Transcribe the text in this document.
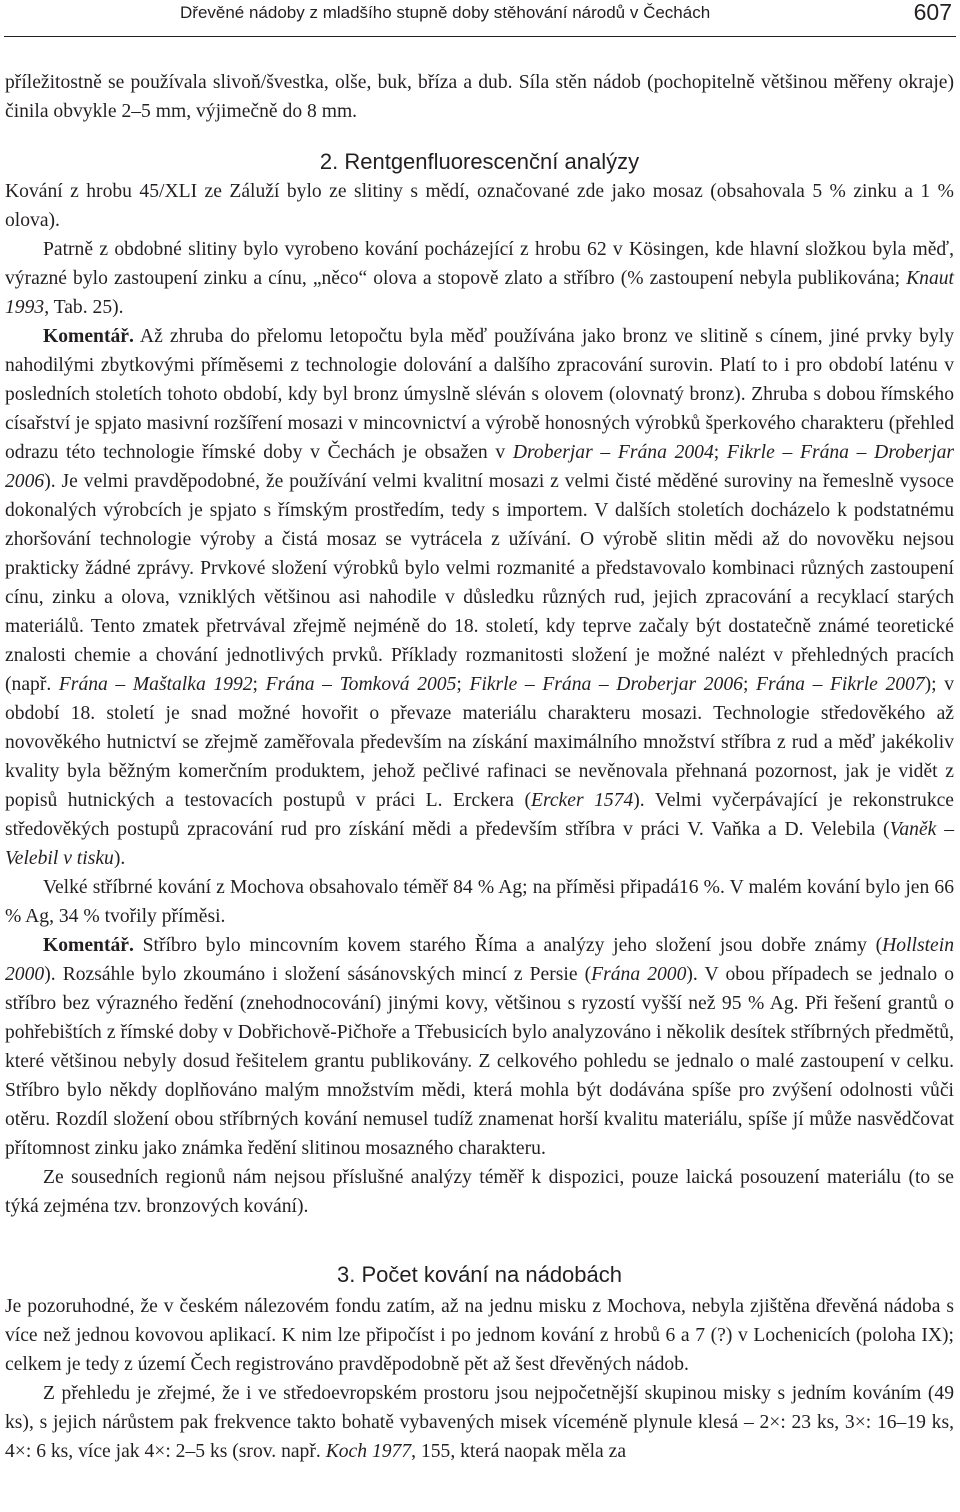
Dřevěné nádoby z mladšího stupně doby stěhování národů v Čechách	607

příležitostně se používala slivoň/švestka, olše, buk, bříza a dub. Síla stěn nádob (pochopitelně většinou měřeny okraje) činila obvykle 2–5 mm, výjimečně do 8 mm.

2. Rentgenfluorescenční analýzy

Kování z hrobu 45/XLI ze Záluží bylo ze slitiny s mědí, označované zde jako mosaz (obsahovala 5 % zinku a 1 % olova).

Patrně z obdobné slitiny bylo vyrobeno kování pocházející z hrobu 62 v Kösingen, kde hlavní složkou byla měď, výrazné bylo zastoupení zinku a cínu, „něco“ olova a stopově zlato a stříbro (% zastoupení nebyla publikována; Knaut 1993, Tab. 25).

Komentář. Až zhruba do přelomu letopočtu byla měď používána jako bronz ve slitině s cínem, jiné prvky byly nahodilými zbytkovými příměsemi z technologie dolování a dalšího zpracování surovin. Platí to i pro období laténu v posledních stoletích tohoto období, kdy byl bronz úmyslně sléván s olovem (olovnatý bronz). Zhruba s dobou římského císařství je spjato masivní rozšíření mosazi v mincovnictví a výrobě honosných výrobků šperkového charakteru (přehled odrazu této technologie římské doby v Čechách je obsažen v Droberjar – Frána 2004; Fikrle – Frána – Droberjar 2006). Je velmi pravděpodobné, že používání velmi kvalitní mosazi z velmi čisté měděné suroviny na řemeslně vysoce dokonalých výrobcích je spjato s římským prostředím, tedy s importem. V dalších stoletích docházelo k podstatnému zhoršování technologie výroby a čistá mosaz se vytrácela z užívání. O výrobě slitin mědi až do novověku nejsou prakticky žádné zprávy. Prvkové složení výrobků bylo velmi rozmanité a představovalo kombinaci různých zastoupení cínu, zinku a olova, vzniklých většinou asi nahodile v důsledku různých rud, jejich zpracování a recyklací starých materiálů. Tento zmatek přetrvával zřejmě nejméně do 18. století, kdy teprve začaly být dostatečně známé teoretické znalosti chemie a chování jednotlivých prvků. Příklady rozmanitosti složení je možné nalézt v přehledných pracích (např. Frána – Maštalka 1992; Frána – Tomková 2005; Fikrle – Frána – Droberjar 2006; Frána – Fikrle 2007); v období 18. století je snad možné hovořit o převaze materiálu charakteru mosazi. Technologie středověkého až novověkého hutnictví se zřejmě zaměřovala především na získání maximálního množství stříbra z rud a měď jakékoliv kvality byla běžným komerčním produktem, jehož pečlivé rafinaci se nevěnovala přehnaná pozornost, jak je vidět z popisů hutnických a testovacích postupů v práci L. Erckera (Ercker 1574). Velmi vyčerpávající je rekonstrukce středověkých postupů zpracování rud pro získání mědi a především stříbra v práci V. Vaňka a D. Velebila (Vaněk – Velebil v tisku).

Velké stříbrné kování z Mochova obsahovalo téměř 84 % Ag; na příměsi připadá16 %. V malém kování bylo jen 66 % Ag, 34 % tvořily příměsi.

Komentář. Stříbro bylo mincovním kovem starého Říma a analýzy jeho složení jsou dobře známy (Hollstein 2000). Rozsáhle bylo zkoumáno i složení sásánovských mincí z Persie (Frána 2000). V obou případech se jednalo o stříbro bez výrazného ředění (znehodnocování) jinými kovy, většinou s ryzostí vyšší než 95 % Ag. Při řešení grantů o pohřebištích z římské doby v Dobřichově-Pičhoře a Třebusicích bylo analyzováno i několik desítek stříbrných předmětů, které většinou nebyly dosud řešitelem grantu publikovány. Z celkového pohledu se jednalo o malé zastoupení v celku. Stříbro bylo někdy doplňováno malým množstvím mědi, která mohla být dodávána spíše pro zvýšení odolnosti vůči otěru. Rozdíl složení obou stříbrných kování nemusel tudíž znamenat horší kvalitu materiálu, spíše jí může nasvědčovat přítomnost zinku jako známka ředění slitinou mosazného charakteru.

Ze sousedních regionů nám nejsou příslušné analýzy téměř k dispozici, pouze laická posouzení materiálu (to se týká zejména tzv. bronzových kování).

3. Počet kování na nádobách

Je pozoruhodné, že v českém nálezovém fondu zatím, až na jednu misku z Mochova, nebyla zjištěna dřevěná nádoba s více než jednou kovovou aplikací. K nim lze připočíst i po jednom kování z hrobů 6 a 7 (?) v Lochenicích (poloha IX); celkem je tedy z území Čech registrováno pravděpodobně pět až šest dřevěných nádob.

Z přehledu je zřejmé, že i ve středoevropském prostoru jsou nejpočetnější skupinou misky s jedním kováním (49 ks), s jejich nárůstem pak frekvence takto bohatě vybavených misek víceméně plynule klesá – 2×: 23 ks, 3×: 16–19 ks, 4×: 6 ks, více jak 4×: 2–5 ks (srov. např. Koch 1977, 155, která naopak měla za
